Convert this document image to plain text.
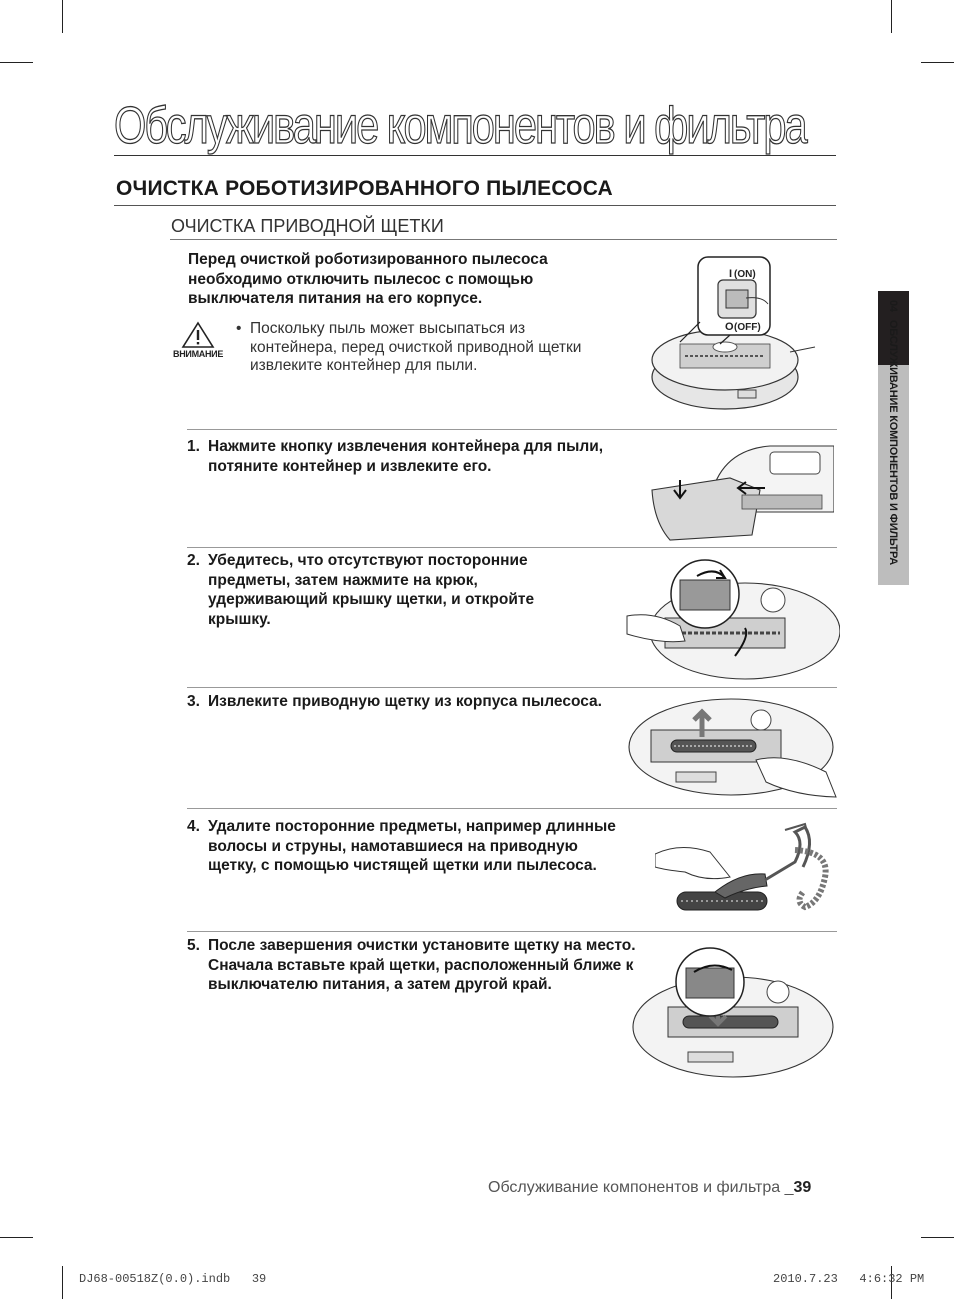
Обслуживание компонентов и фильтра
ОЧИСТКА РОБОТИЗИРОВАННОГО ПЫЛЕСОСА
ОЧИСТКА ПРИВОДНОЙ ЩЕТКИ
Перед очисткой роботизированного пылесоса необходимо отключить пылесос с помощью выключателя питания на его корпусе.
ВНИМАНИЕ
• Поскольку пыль может высыпаться из контейнера, перед очисткой приводной щетки извлеките контейнер для пыли.
I (ON)
O (OFF)
1. Нажмите кнопку извлечения контейнера для пыли, потяните контейнер и извлеките его.
2. Убедитесь, что отсутствуют посторонние предметы, затем нажмите на крюк, удерживающий крышку щетки, и откройте крышку.
3. Извлеките приводную щетку из корпуса пылесоса.
4. Удалите посторонние предметы, например длинные волосы и струны, намотавшиеся на приводную щетку, с помощью чистящей щетки или пылесоса.
5. После завершения очистки установите щетку на место. Сначала вставьте край щетки, расположенный ближе к выключателю питания, а затем другой край.
04ОБСЛУЖИВАНИЕ КОМПОНЕНТОВ И ФИЛЬТРА
Обслуживание компонентов и фильтра _39
DJ68-00518Z(0.0).indb   39	2010.7.23   4:6:32 PM
